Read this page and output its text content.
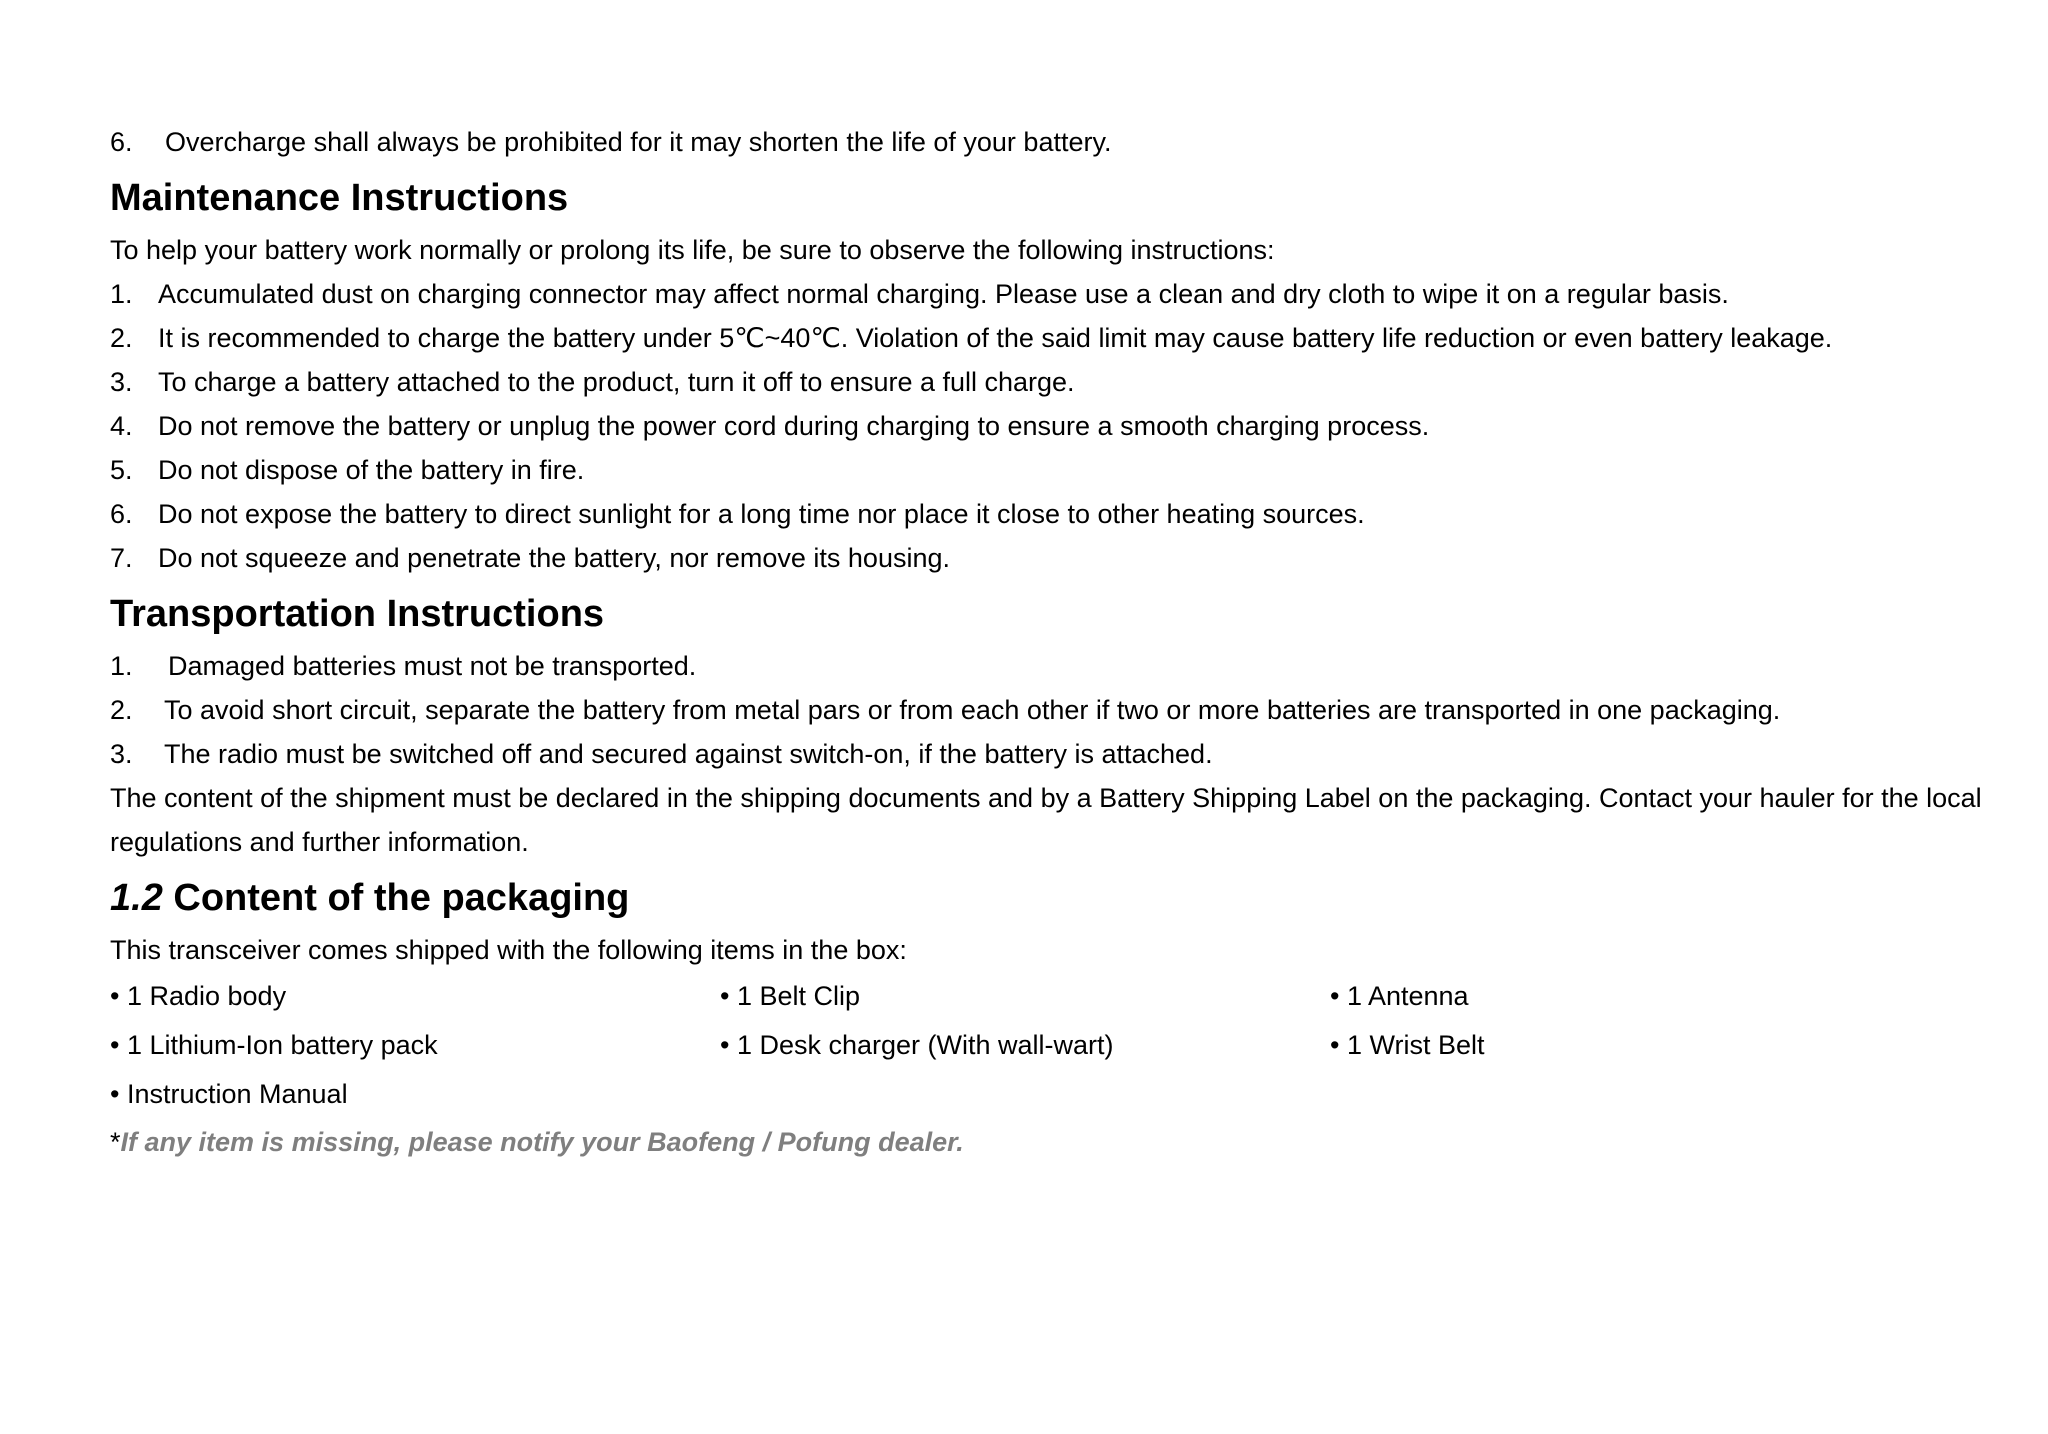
6.	Overcharge shall always be prohibited for it may shorten the life of your battery.
Maintenance Instructions
To help your battery work normally or prolong its life, be sure to observe the following instructions:
1. Accumulated dust on charging connector may affect normal charging. Please use a clean and dry cloth to wipe it on a regular basis.
2. It is recommended to charge the battery under 5℃~40℃. Violation of the said limit may cause battery life reduction or even battery leakage.
3. To charge a battery attached to the product, turn it off to ensure a full charge.
4. Do not remove the battery or unplug the power cord during charging to ensure a smooth charging process.
5. Do not dispose of the battery in fire.
6. Do not expose the battery to direct sunlight for a long time nor place it close to other heating sources.
7. Do not squeeze and penetrate the battery, nor remove its housing.
Transportation Instructions
1.	Damaged batteries must not be transported.
2.	To avoid short circuit, separate the battery from metal pars or from each other if two or more batteries are transported in one packaging.
3.	The radio must be switched off and secured against switch-on, if the battery is attached.
The content of the shipment must be declared in the shipping documents and by a Battery Shipping Label on the packaging. Contact your hauler for the local regulations and further information.
1.2 Content of the packaging
This transceiver comes shipped with the following items in the box:
• 1 Radio body	• 1 Belt Clip	• 1 Antenna
• 1 Lithium-Ion battery pack	• 1 Desk charger (With wall-wart)	• 1 Wrist Belt
• Instruction Manual
*If any item is missing, please notify your Baofeng / Pofung dealer.
